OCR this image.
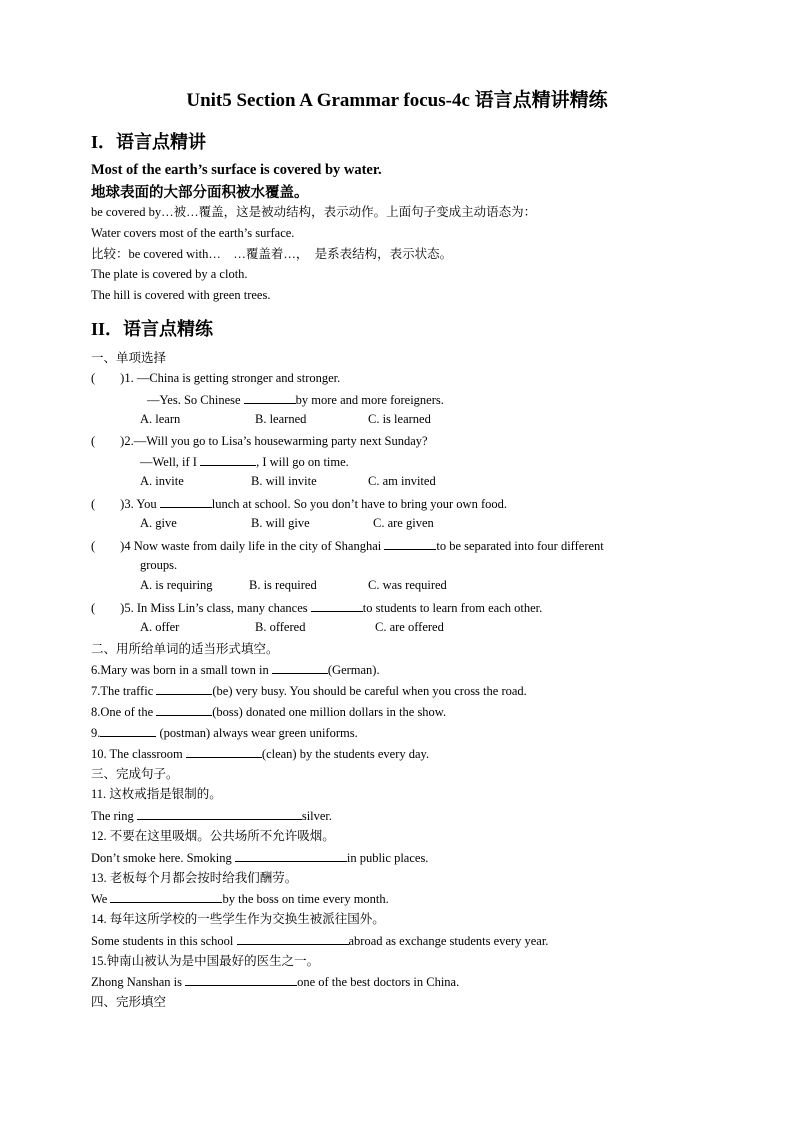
Unit5 Section A Grammar focus-4c 语言点精讲精练
I．语言点精讲
Most of the earth’s surface is covered by water.
地球表面的大部分面积被水覆盖。
be covered by…被…覆盖，这是被动结构，表示动作。上面句子变成主动语态为：
Water covers most of the earth’s surface.
比较：be covered with…　…覆盖着…，　是系表结构，表示状态。
The plate is covered by a cloth.
The hill is covered with green trees.
II．语言点精练
一、单项选择
(　　)1. —China is getting stronger and stronger.
—Yes. So Chinese	by more and more foreigners.
A. learn	B. learned	C. is learned
(　　)2.—Will you go to Lisa’s housewarming party next Sunday?
—Well, if I	, I will go on time.
A. invite	B. will invite	C. am invited
(　　)3. You	lunch at school. So you don’t have to bring your own food.
A. give	B. will give	C. are given
(　　)4 Now waste from daily life in the city of Shanghai	to be separated into four different
groups.
A. is requiring	B. is required	C. was required
(　　)5. In Miss Lin’s class, many chances	to students to learn from each other.
A. offer	B. offered	C. are offered
二、用所给单词的适当形式填空。
6.Mary was born in a small town in	(German).
7.The traffic	(be) very busy. You should be careful when you cross the road.
8.One of the	(boss) donated one million dollars in the show.
9.	(postman) always wear green uniforms.
10. The classroom	(clean) by the students every day.
三、完成句子。
11. 这枚戒指是银制的。
The ring	silver.
12. 不要在这里吸烟。公共场所不允许吸烟。
Don’t smoke here. Smoking	in public places.
13. 老板每个月都会按时给我们酬劳。
We	by the boss on time every month.
14. 每年这所学校的一些学生作为交换生被派往国外。
Some students in this school	abroad as exchange students every year.
15.钟南山被认为是中国最好的医生之一。
Zhong Nanshan is	one of the best doctors in China.
四、完形填空
